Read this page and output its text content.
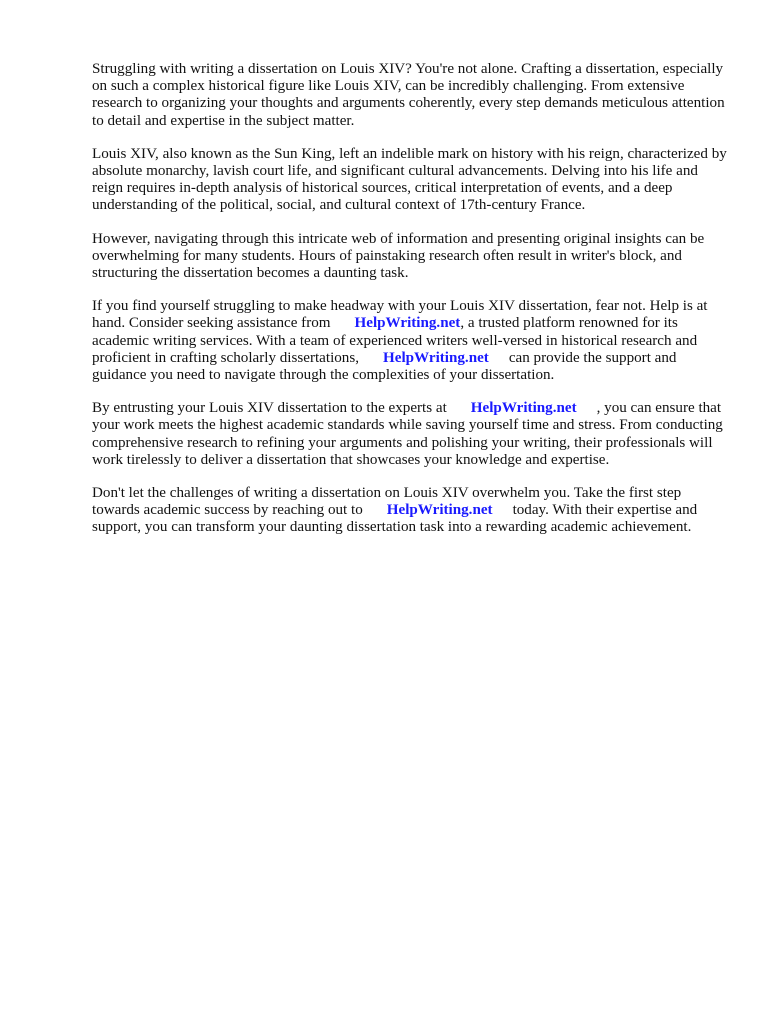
Struggling with writing a dissertation on Louis XIV? You're not alone. Crafting a dissertation, especially on such a complex historical figure like Louis XIV, can be incredibly challenging. From extensive research to organizing your thoughts and arguments coherently, every step demands meticulous attention to detail and expertise in the subject matter.

Louis XIV, also known as the Sun King, left an indelible mark on history with his reign, characterized by absolute monarchy, lavish court life, and significant cultural advancements. Delving into his life and reign requires in-depth analysis of historical sources, critical interpretation of events, and a deep understanding of the political, social, and cultural context of 17th-century France.

However, navigating through this intricate web of information and presenting original insights can be overwhelming for many students. Hours of painstaking research often result in writer's block, and structuring the dissertation becomes a daunting task.

If you find yourself struggling to make headway with your Louis XIV dissertation, fear not. Help is at hand. Consider seeking assistance from HelpWriting.net, a trusted platform renowned for its academic writing services. With a team of experienced writers well-versed in historical research and proficient in crafting scholarly dissertations, HelpWriting.net can provide the support and guidance you need to navigate through the complexities of your dissertation.

By entrusting your Louis XIV dissertation to the experts at HelpWriting.net , you can ensure that your work meets the highest academic standards while saving yourself time and stress. From conducting comprehensive research to refining your arguments and polishing your writing, their professionals will work tirelessly to deliver a dissertation that showcases your knowledge and expertise.

Don't let the challenges of writing a dissertation on Louis XIV overwhelm you. Take the first step towards academic success by reaching out to HelpWriting.net today. With their expertise and support, you can transform your daunting dissertation task into a rewarding academic achievement.
